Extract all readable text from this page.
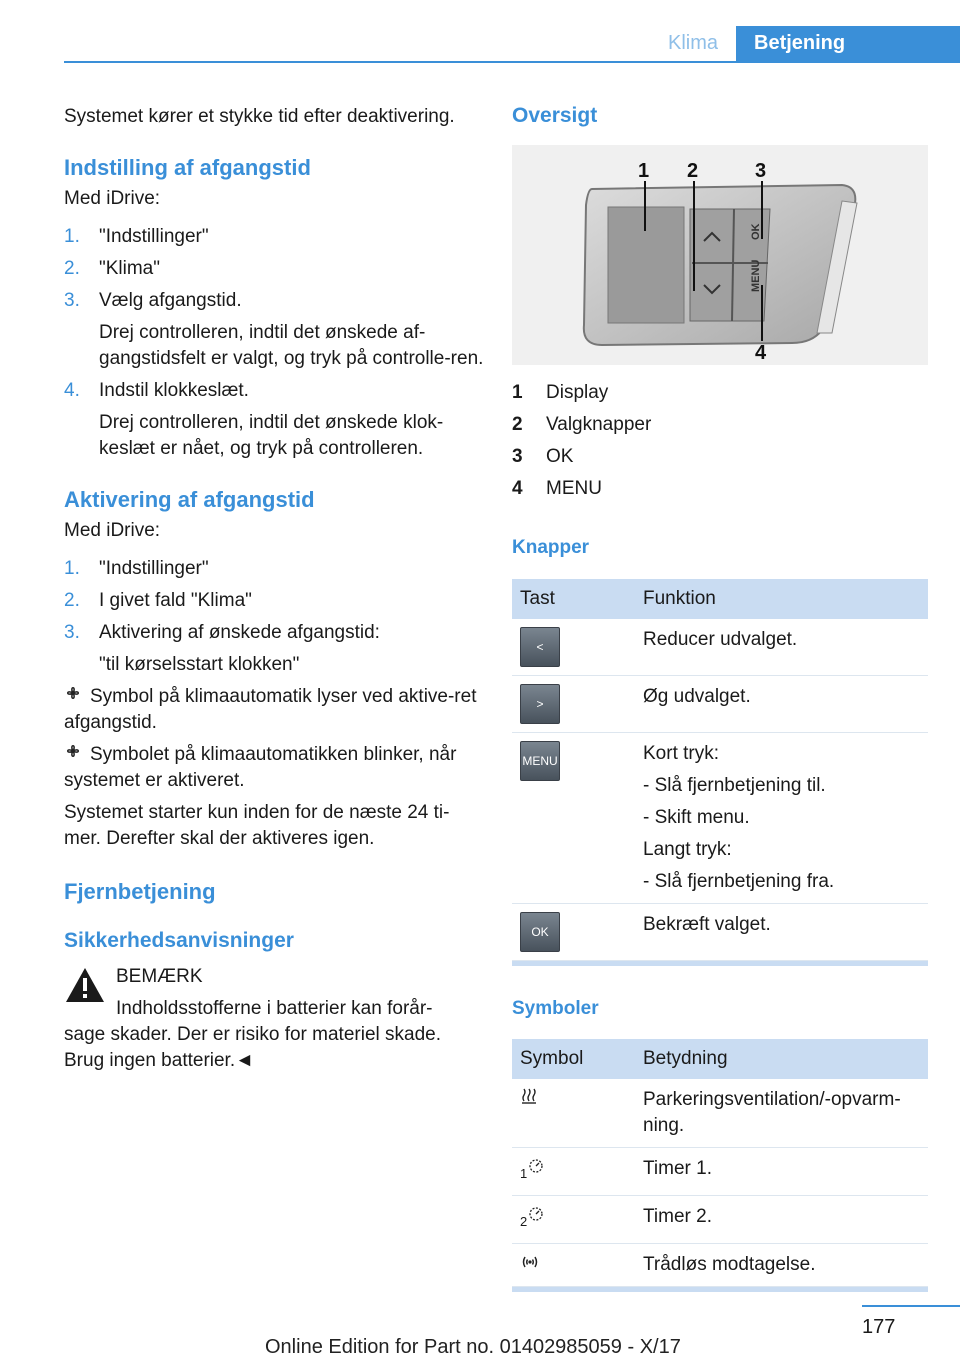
Klima	Betjening

Systemet kører et stykke tid efter deaktivering.

Indstilling af afgangstid

Med iDrive:

1. "Indstillinger"
2. "Klima"
3. Vælg afgangstid.
Drej controlleren, indtil det ønskede af-gangstidsfelt er valgt, og tryk på controlle-ren.
4. Indstil klokkeslæt.
Drej controlleren, indtil det ønskede klok-keslæt er nået, og tryk på controlleren.
Aktivering af afgangstid

Med iDrive:

1. "Indstillinger"
2. I givet fald "Klima"
3. Aktivering af ønskede afgangstid:
"til kørselsstart klokken"

Symbol på klimaautomatik lyser ved aktive-ret afgangstid.

Symbolet på klimaautomatikken blinker, når systemet er aktiveret.

Systemet starter kun inden for de næste 24 ti-mer. Derefter skal der aktiveres igen.

Fjernbetjening
Sikkerhedsanvisninger

BEMÆRK

Indholdsstofferne i batterier kan forår-

sage skader. Der er risiko for materiel skade. Brug ingen batterier.◄

Oversigt
OK
MENU
1 2	3
4
1	Display
2	Valgknapper
3	OK
4	MENU
Knapper
Tast	Funktion

<	Reducer udvalget.

>	Øg udvalget.

MENU	Kort tryk:
- Slå fjernbetjening til.
- Skift menu.
Langt tryk:
- Slå fjernbetjening fra.

OK	Bekræft valget.
Symboler
Symbol	Betydning
	Parkeringsventilation/-opvarm-ning.
$_1$	Timer 1.
$_2$	Timer 2.
	Trådløs modtagelse.
177
Online Edition for Part no. 01402985059 - X/17
